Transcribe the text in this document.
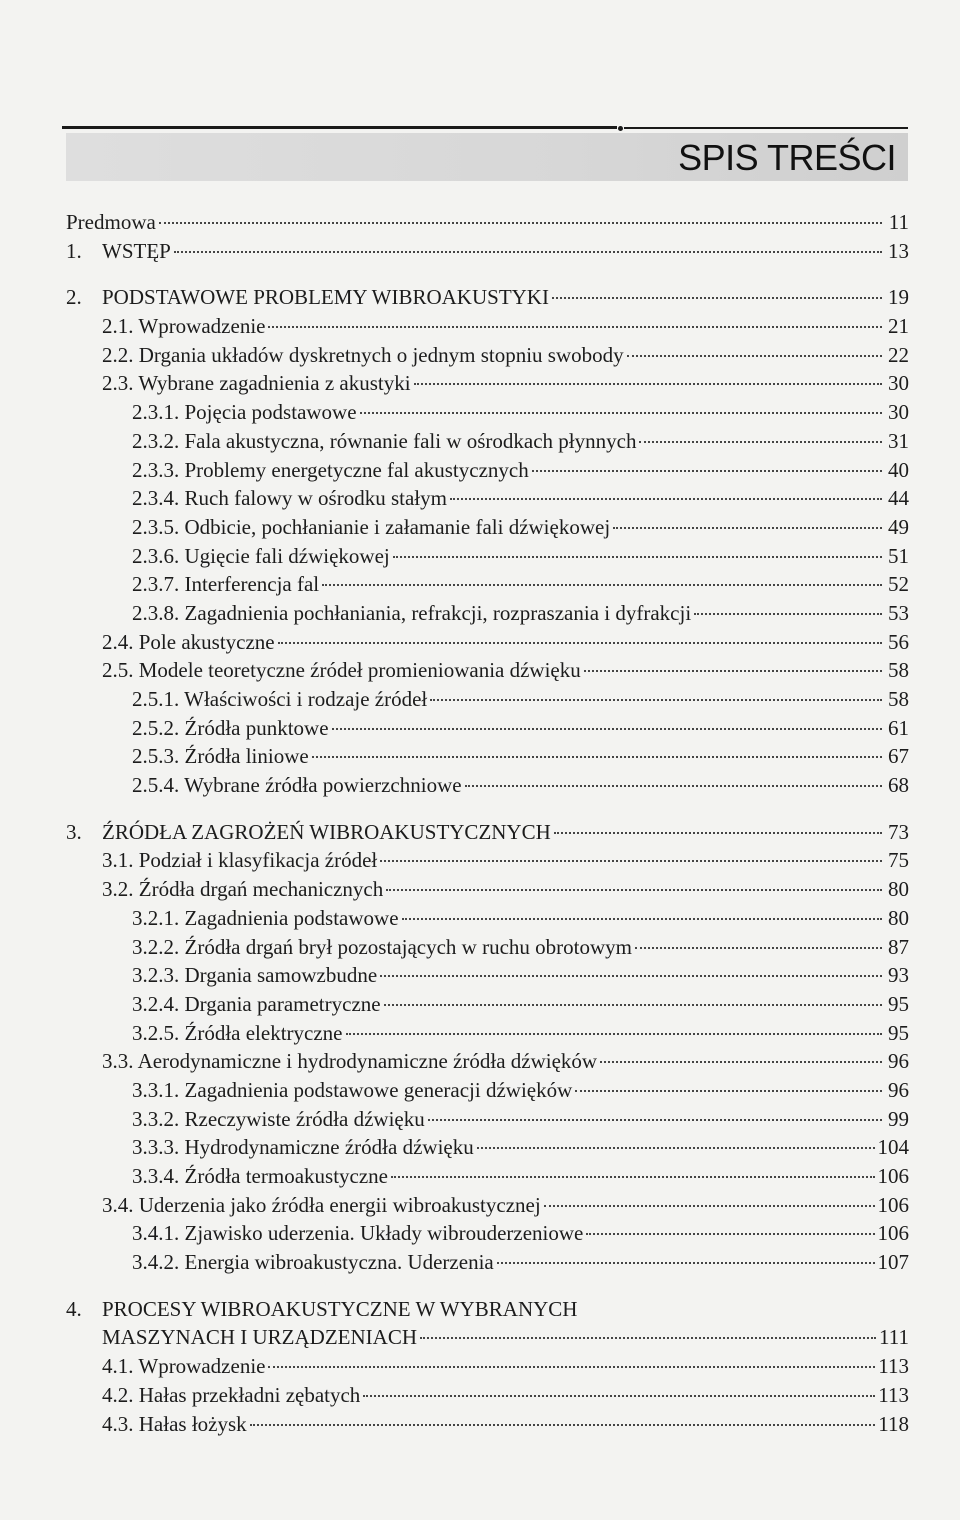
SPIS TREŚCI
Predmowa	11
1. WSTĘP	13
2. PODSTAWOWE PROBLEMY WIBROAKUSTYKI	19
2.1. Wprowadzenie	21
2.2. Drgania układów dyskretnych o jednym stopniu swobody	22
2.3. Wybrane zagadnienia z akustyki	30
2.3.1. Pojęcia podstawowe	30
2.3.2. Fala akustyczna, równanie fali w ośrodkach płynnych	31
2.3.3. Problemy energetyczne fal akustycznych	40
2.3.4. Ruch falowy w ośrodku stałym	44
2.3.5. Odbicie, pochłanianie i załamanie fali dźwiękowej	49
2.3.6. Ugięcie fali dźwiękowej	51
2.3.7. Interferencja fal	52
2.3.8. Zagadnienia pochłaniania, refrakcji, rozpraszania i dyfrakcji	53
2.4. Pole akustyczne	56
2.5. Modele teoretyczne źródeł promieniowania dźwięku	58
2.5.1. Właściwości i rodzaje źródeł	58
2.5.2. Źródła punktowe	61
2.5.3. Źródła liniowe	67
2.5.4. Wybrane źródła powierzchniowe	68
3. ŹRÓDŁA ZAGROŻEŃ WIBROAKUSTYCZNYCH	73
3.1. Podział i klasyfikacja źródeł	75
3.2. Źródła drgań mechanicznych	80
3.2.1. Zagadnienia podstawowe	80
3.2.2. Źródła drgań brył pozostających w ruchu obrotowym	87
3.2.3. Drgania samowzbudne	93
3.2.4. Drgania parametryczne	95
3.2.5. Źródła elektryczne	95
3.3. Aerodynamiczne i hydrodynamiczne źródła dźwięków	96
3.3.1. Zagadnienia podstawowe generacji dźwięków	96
3.3.2. Rzeczywiste źródła dźwięku	99
3.3.3. Hydrodynamiczne źródła dźwięku	104
3.3.4. Źródła termoakustyczne	106
3.4. Uderzenia jako źródła energii wibroakustycznej	106
3.4.1. Zjawisko uderzenia. Układy wibrouderzeniowe	106
3.4.2. Energia wibroakustyczna. Uderzenia	107
4. PROCESY WIBROAKUSTYCZNE W WYBRANYCH
MASZYNACH I URZĄDZENIACH	111
4.1. Wprowadzenie	113
4.2. Hałas przekładni zębatych	113
4.3. Hałas łożysk	118
